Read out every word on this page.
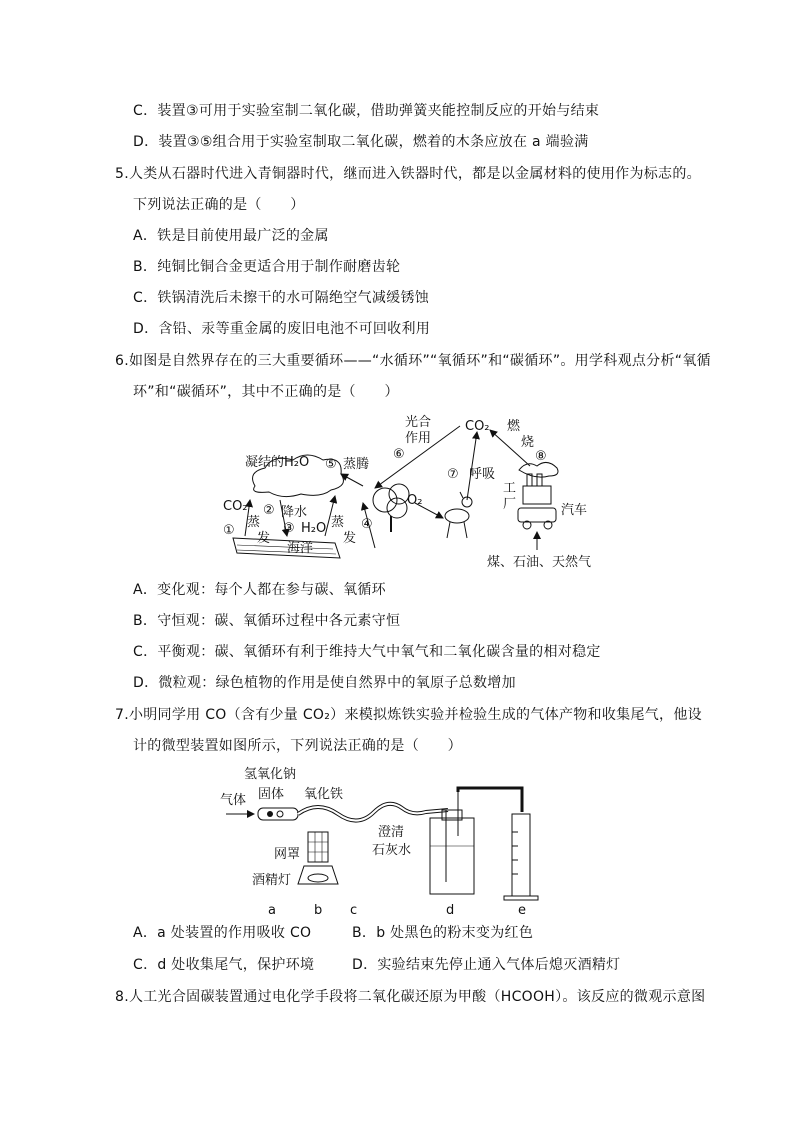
C．装置③可用于实验室制二氧化碳，借助弹簧夹能控制反应的开始与结束
D．装置③⑤组合用于实验室制取二氧化碳，燃着的木条应放在 a 端验满
5.人类从石器时代进入青铜器时代，继而进入铁器时代，都是以金属材料的使用作为标志的。
下列说法正确的是（　　）
A．铁是目前使用最广泛的金属
B．纯铜比铜合金更适合用于制作耐磨齿轮
C．铁锅清洗后未擦干的水可隔绝空气减缓锈蚀
D．含铅、汞等重金属的废旧电池不可回收利用
6.如图是自然界存在的三大重要循环——“水循环”“氧循环”和“碳循环”。用学科观点分析“氧循
环”和“碳循环”，其中不正确的是（　　）
凝结的H₂O ⑤ 蒸腾
⑥
光合
作用
CO₂ 燃
烧
⑧
⑦ 呼吸
工
厂	汽车
CO₂ ② 降水
蒸
发
①	③ H₂O
海洋
O₂
蒸
发
④
煤、石油、天然气
A．变化观：每个人都在参与碳、氧循环
B．守恒观：碳、氧循环过程中各元素守恒
C．平衡观：碳、氧循环有利于维持大气中氧气和二氧化碳含量的相对稳定
D．微粒观：绿色植物的作用是使自然界中的氧原子总数增加
7.小明同学用 CO（含有少量 CO₂）来模拟炼铁实验并检验生成的气体产物和收集尾气，他设
计的微型装置如图所示，下列说法正确的是（　　）
氢氧化钠
固体 氧化铁
气体
澄清
石灰水
网罩
酒精灯
a	b c	d	e
A．a 处装置的作用吸收 CO	B．b 处黑色的粉末变为红色
C．d 处收集尾气，保护环境	D．实验结束先停止通入气体后熄灭酒精灯
8.人工光合固碳装置通过电化学手段将二氧化碳还原为甲酸（HCOOH）。该反应的微观示意图
